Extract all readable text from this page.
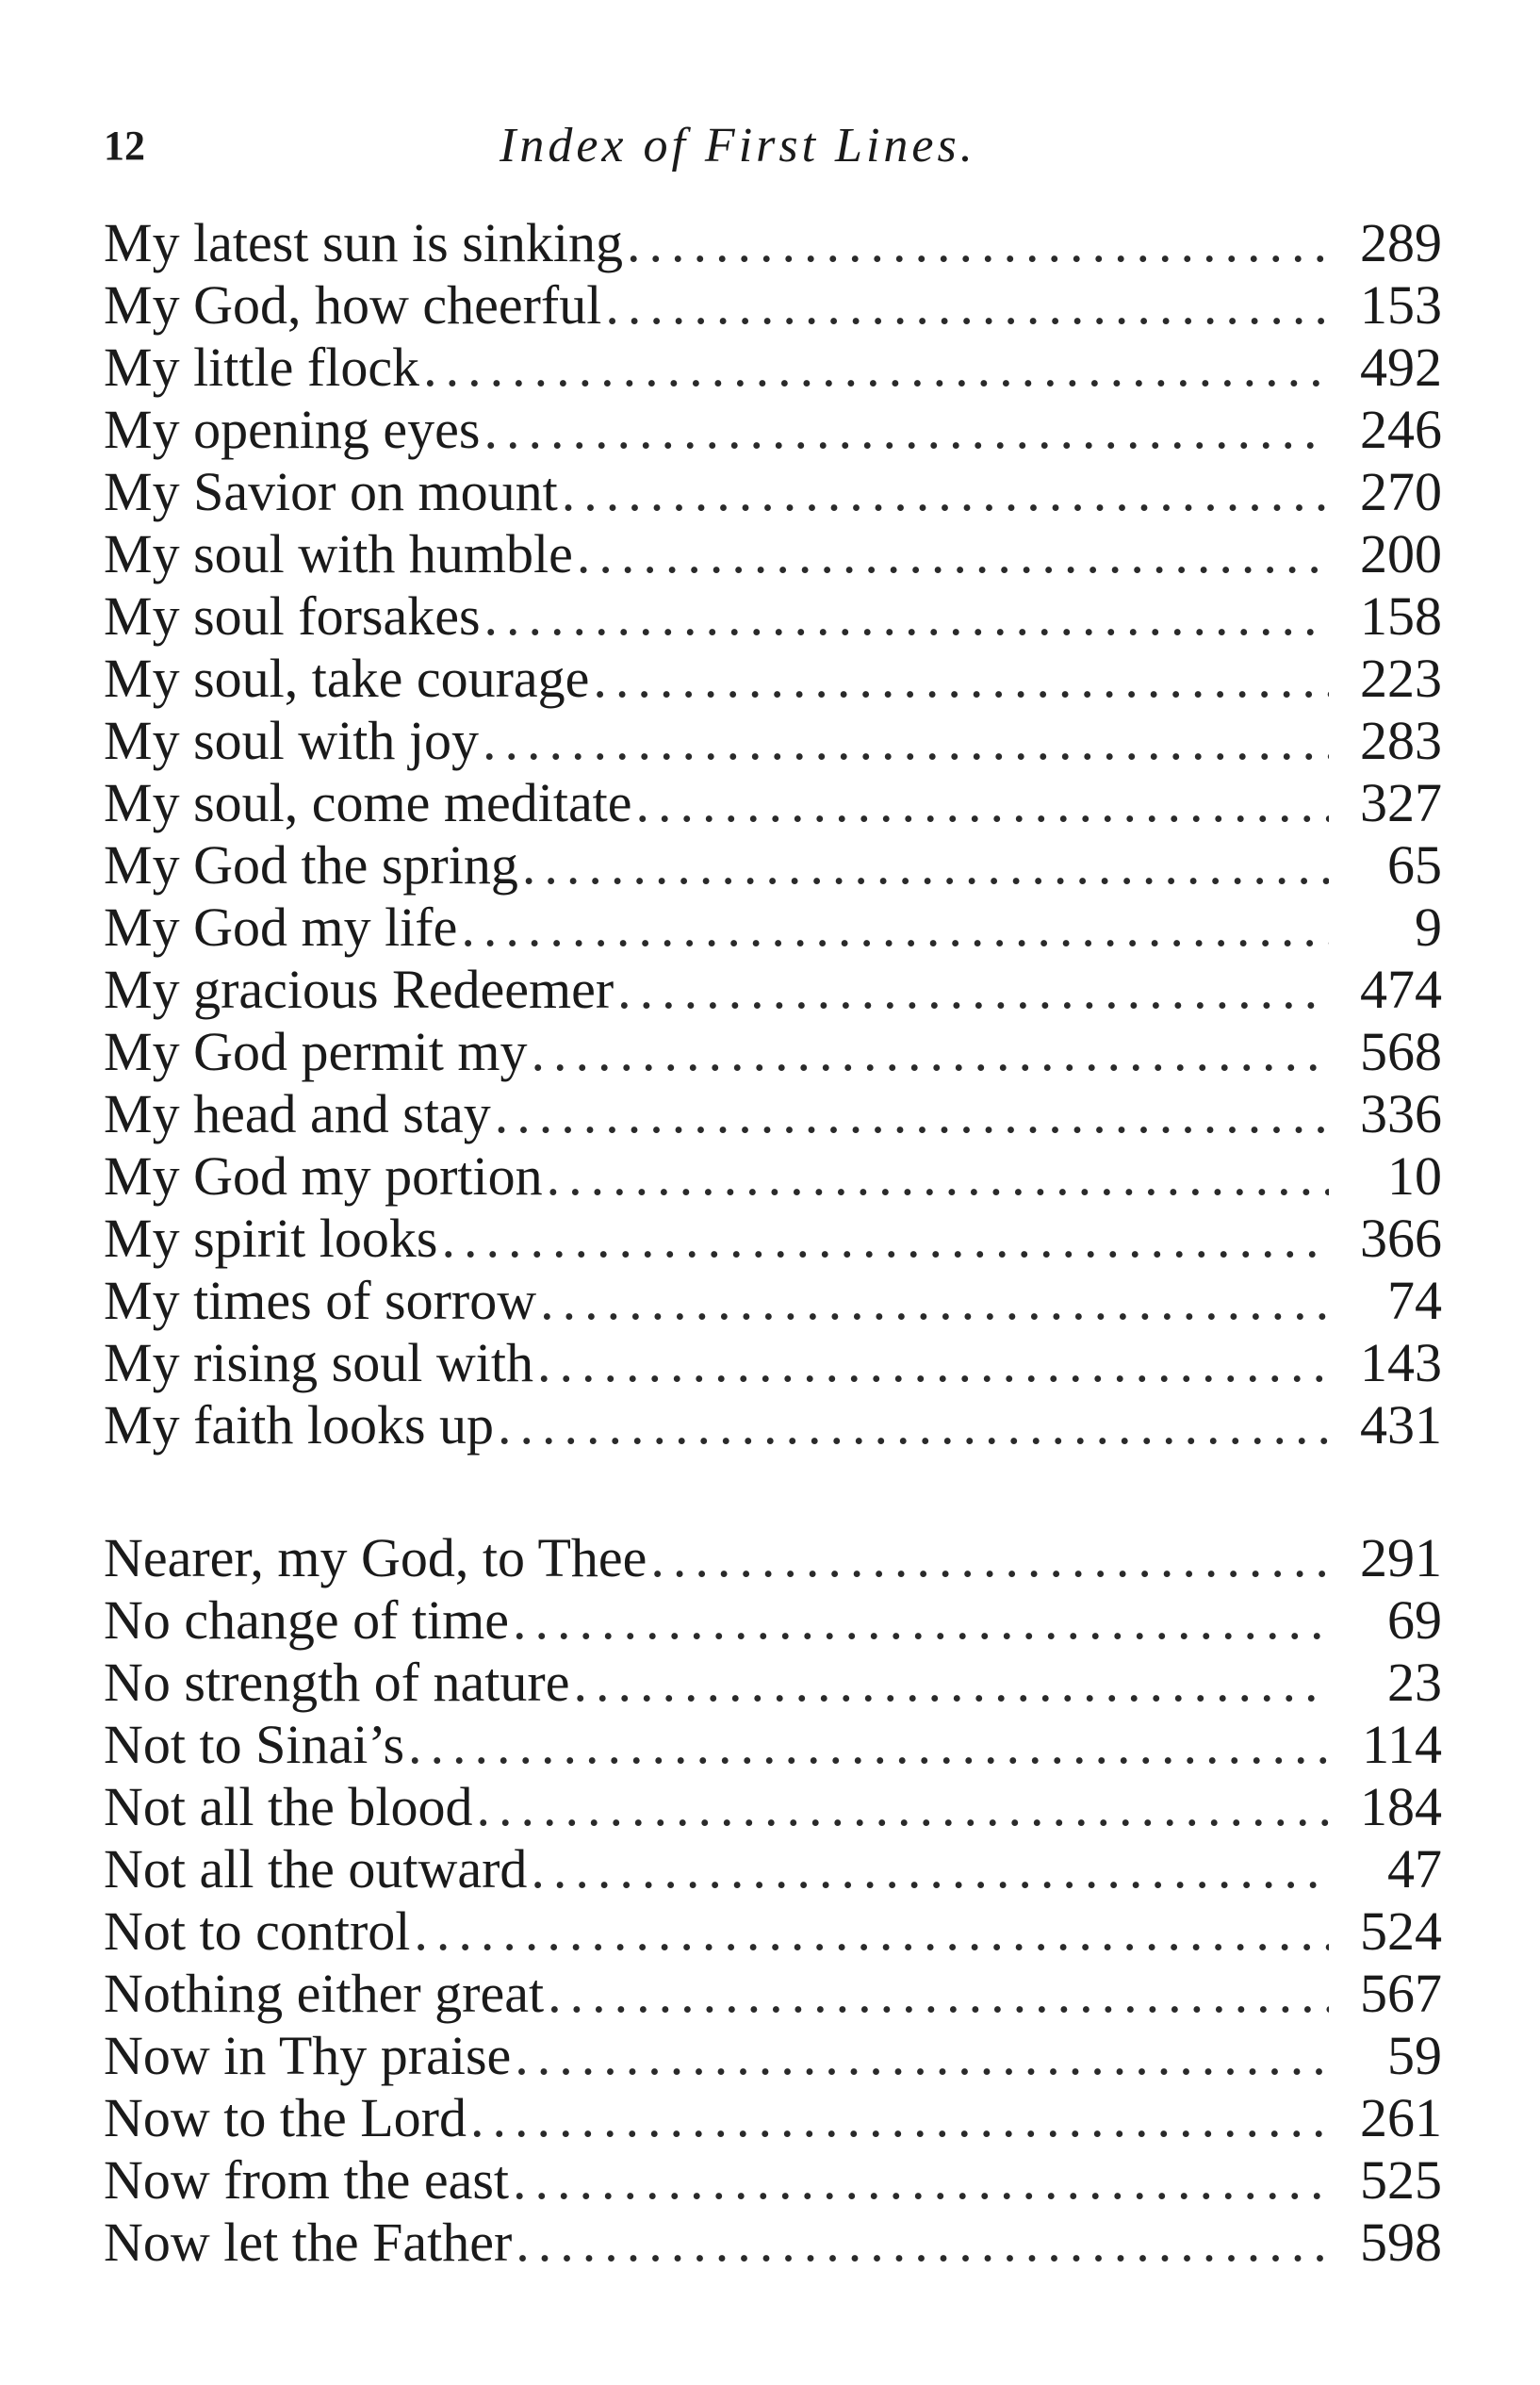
12	Index of First Lines.
My latest sun is sinking .....	289
My God, how cheerful .....	153
My little flock .....	492
My opening eyes .....	246
My Savior on mount .....	270
My soul with humble .....	200
My soul forsakes .....	158
My soul, take courage .....	223
My soul with joy .....	283
My soul, come meditate .....	327
My God the spring .....	65
My God my life .....	9
My gracious Redeemer .....	474
My God permit my .....	568
My head and stay .....	336
My God my portion .....	10
My spirit looks .....	366
My times of sorrow .....	74
My rising soul with .....	143
My faith looks up .....	431
Nearer, my God, to Thee .....	291
No change of time .....	69
No strength of nature .....	23
Not to Sinai’s .....	114
Not all the blood .....	184
Not all the outward .....	47
Not to control .....	524
Nothing either great .....	567
Now in Thy praise .....	59
Now to the Lord .....	261
Now from the east .....	525
Now let the Father .....	598
